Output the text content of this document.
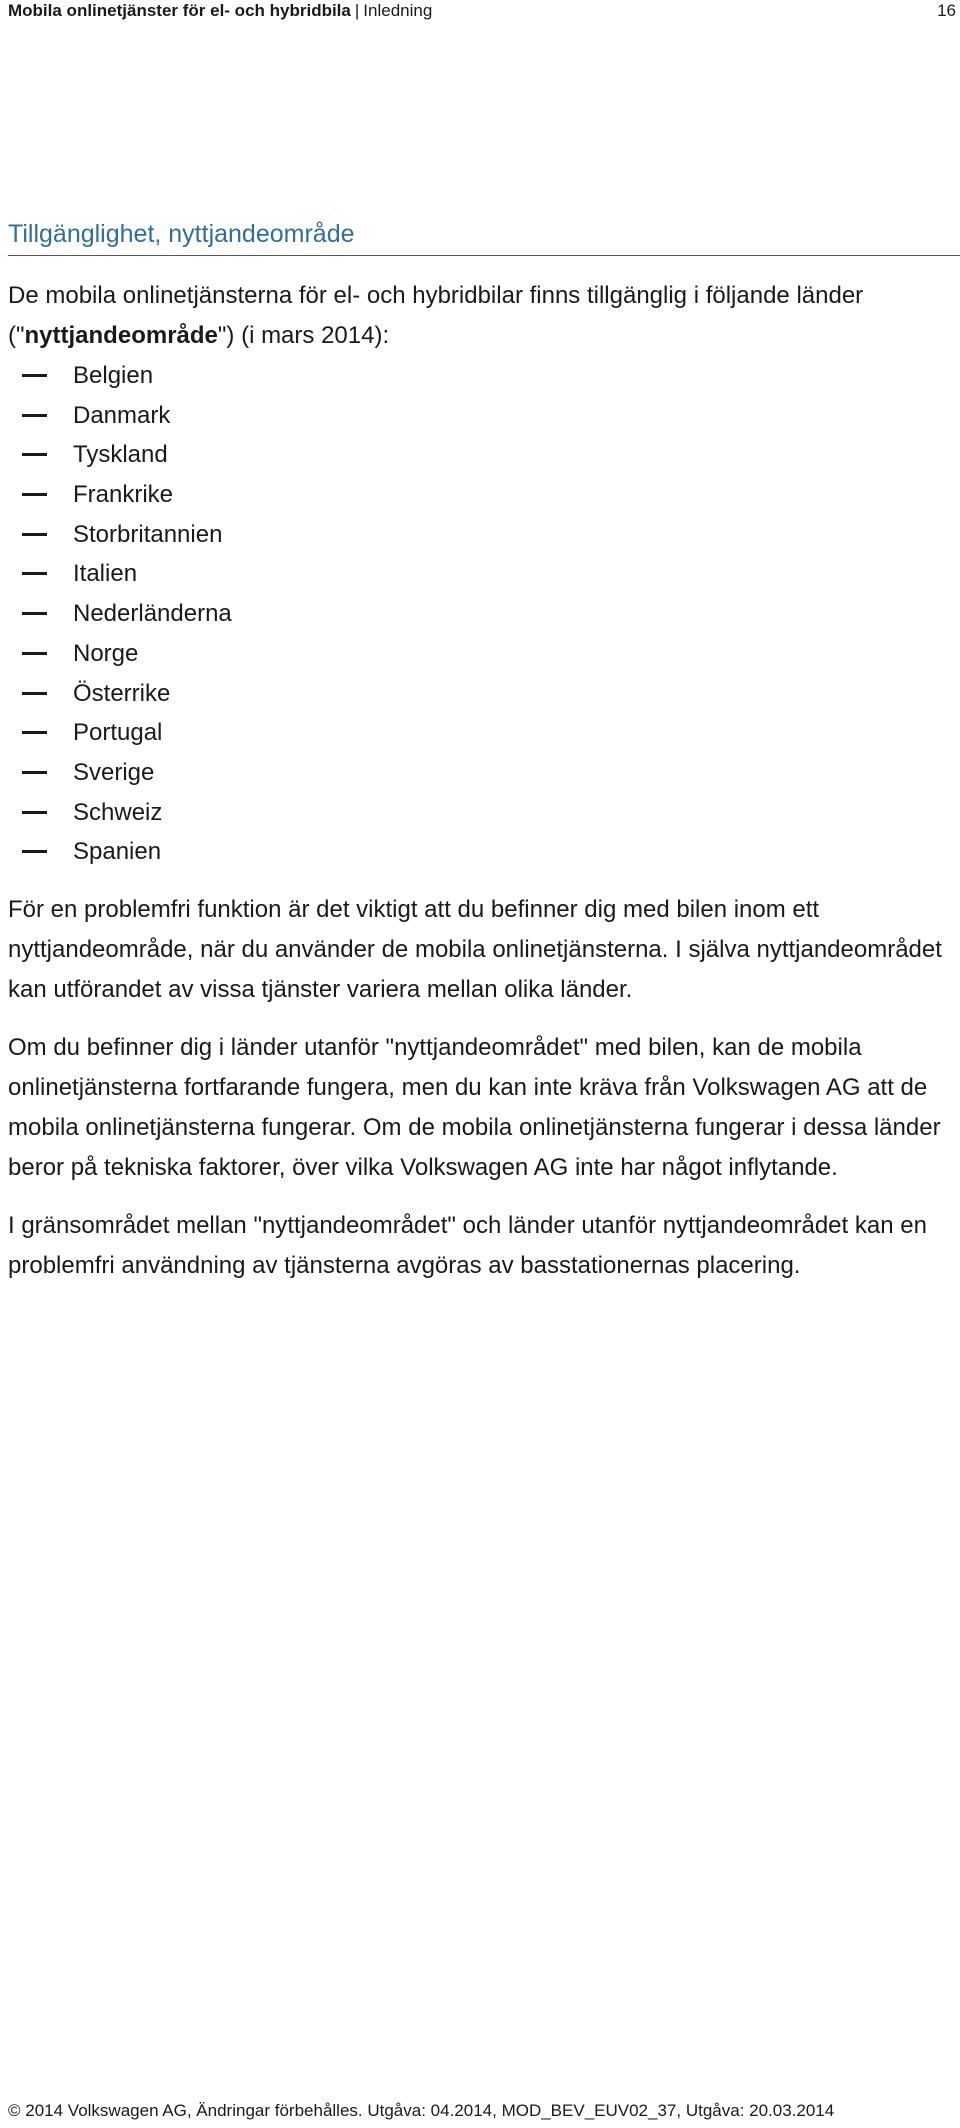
Mobila onlinetjänster för el- och hybridbila | Inledning	16
Tillgänglighet, nyttjandeområde

De mobila onlinetjänsterna för el- och hybridbilar finns tillgänglig i följande länder ("nyttjandeområde") (i mars 2014):

Belgien
Danmark
Tyskland
Frankrike
Storbritannien
Italien
Nederländerna
Norge
Österrike
Portugal
Sverige
Schweiz
Spanien

För en problemfri funktion är det viktigt att du befinner dig med bilen inom ett nyttjandeområde, när du använder de mobila onlinetjänsterna. I själva nyttjandeområdet kan utförandet av vissa tjänster variera mellan olika länder.

Om du befinner dig i länder utanför "nyttjandeområdet" med bilen, kan de mobila onlinetjänsterna fortfarande fungera, men du kan inte kräva från Volkswagen AG att de mobila onlinetjänsterna fungerar. Om de mobila onlinetjänsterna fungerar i dessa länder beror på tekniska faktorer, över vilka Volkswagen AG inte har något inflytande.

I gränsområdet mellan "nyttjandeområdet" och länder utanför nyttjandeområdet kan en problemfri användning av tjänsterna avgöras av basstationernas placering.

© 2014 Volkswagen AG, Ändringar förbehålles. Utgåva: 04.2014, MOD_BEV_EUV02_37, Utgåva: 20.03.2014
